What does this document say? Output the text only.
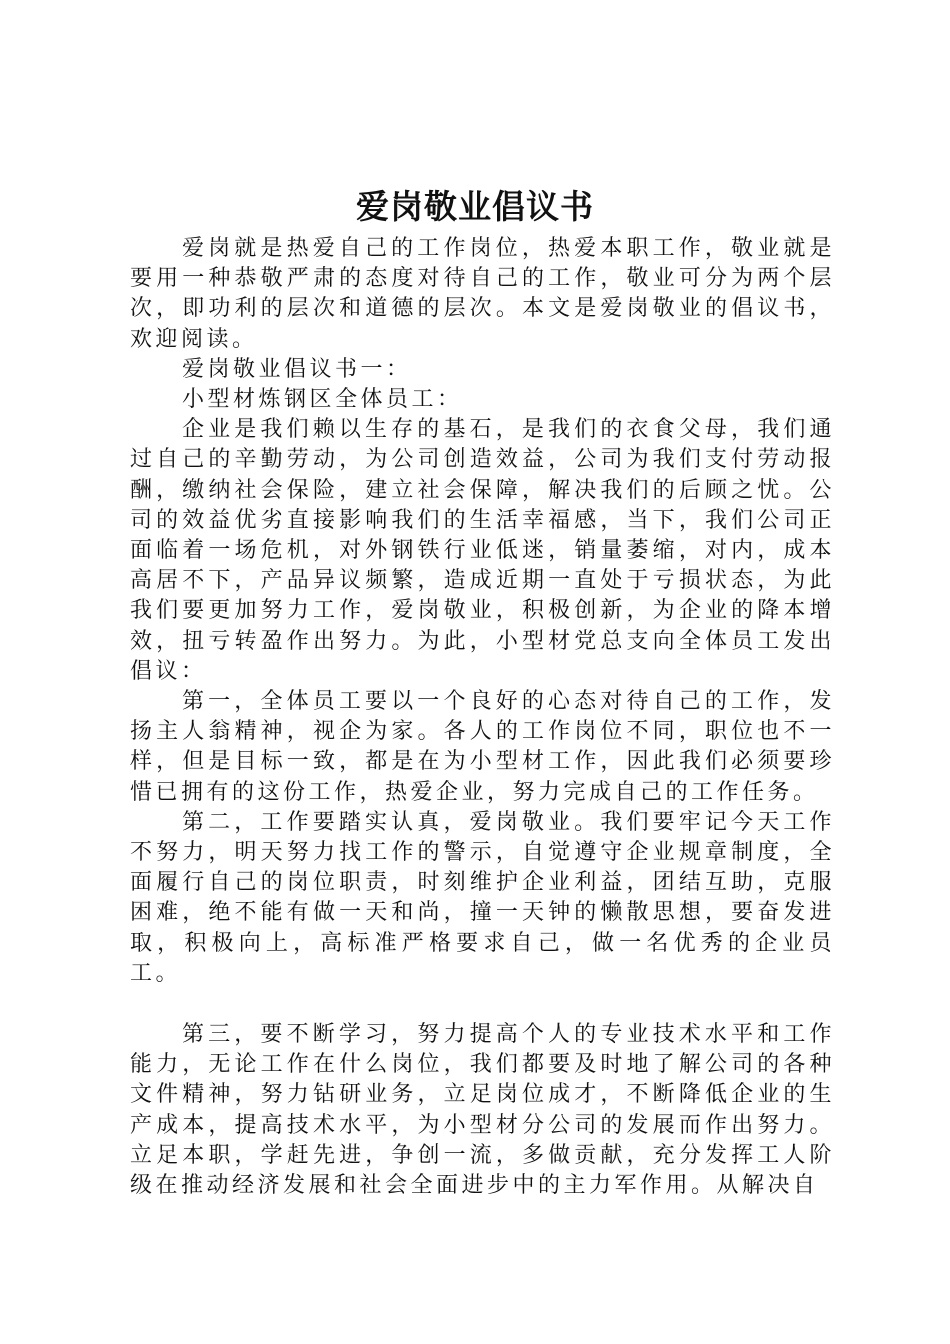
爱岗敬业倡议书

爱岗就是热爱自己的工作岗位，热爱本职工作，敬业就是要用一种恭敬严肃的态度对待自己的工作，敬业可分为两个层次，即功利的层次和道德的层次。本文是爱岗敬业的倡议书，欢迎阅读。

爱岗敬业倡议书一：

小型材炼钢区全体员工：

企业是我们赖以生存的基石，是我们的衣食父母，我们通过自己的辛勤劳动，为公司创造效益，公司为我们支付劳动报酬，缴纳社会保险，建立社会保障，解决我们的后顾之忧。公司的效益优劣直接影响我们的生活幸福感，当下，我们公司正面临着一场危机，对外钢铁行业低迷，销量萎缩，对内，成本高居不下，产品异议频繁，造成近期一直处于亏损状态，为此我们要更加努力工作，爱岗敬业，积极创新，为企业的降本增效，扭亏转盈作出努力。为此，小型材党总支向全体员工发出倡议：

第一，全体员工要以一个良好的心态对待自己的工作，发扬主人翁精神，视企为家。各人的工作岗位不同，职位也不一样，但是目标一致，都是在为小型材工作，因此我们必须要珍惜已拥有的这份工作，热爱企业，努力完成自己的工作任务。

第二，工作要踏实认真，爱岗敬业。我们要牢记今天工作不努力，明天努力找工作的警示，自觉遵守企业规章制度，全面履行自己的岗位职责，时刻维护企业利益，团结互助，克服困难，绝不能有做一天和尚，撞一天钟的懒散思想，要奋发进取，积极向上，高标准严格要求自己，做一名优秀的企业员工。

第三，要不断学习，努力提高个人的专业技术水平和工作能力，无论工作在什么岗位，我们都要及时地了解公司的各种文件精神，努力钻研业务，立足岗位成才，不断降低企业的生产成本，提高技术水平，为小型材分公司的发展而作出努力。立足本职，学赶先进，争创一流，多做贡献，充分发挥工人阶级在推动经济发展和社会全面进步中的主力军作用。从解决自
